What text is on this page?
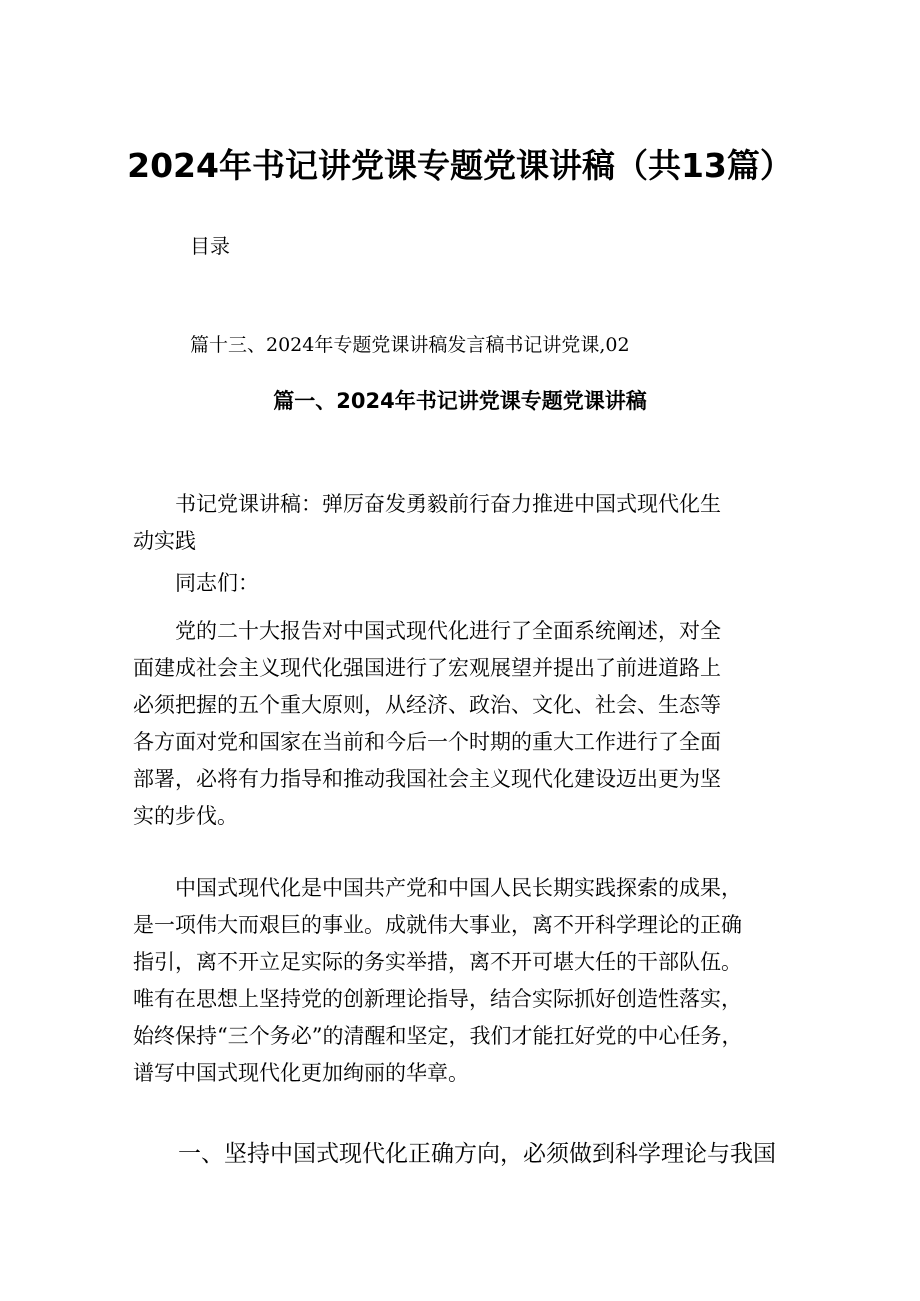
2024年书记讲党课专题党课讲稿（共13篇）
目录
篇十三、2024年专题党课讲稿发言稿书记讲党课,02
篇一、2024年书记讲党课专题党课讲稿

书记党课讲稿：弹厉奋发勇毅前行奋力推进中国式现代化生
动实践

同志们：

党的二十大报告对中国式现代化进行了全面系统阐述，对全
面建成社会主义现代化强国进行了宏观展望并提出了前进道路上
必须把握的五个重大原则，从经济、政治、文化、社会、生态等
各方面对党和国家在当前和今后一个时期的重大工作进行了全面
部署，必将有力指导和推动我国社会主义现代化建设迈出更为坚
实的步伐。

中国式现代化是中国共产党和中国人民长期实践探索的成果，
是一项伟大而艰巨的事业。成就伟大事业，离不开科学理论的正确
指引，离不开立足实际的务实举措，离不开可堪大任的干部队伍。
唯有在思想上坚持党的创新理论指导，结合实际抓好创造性落实，
始终保持“三个务必”的清醒和坚定，我们才能扛好党的中心任务，
谱写中国式现代化更加绚丽的华章。

一、坚持中国式现代化正确方向，必须做到科学理论与我国
